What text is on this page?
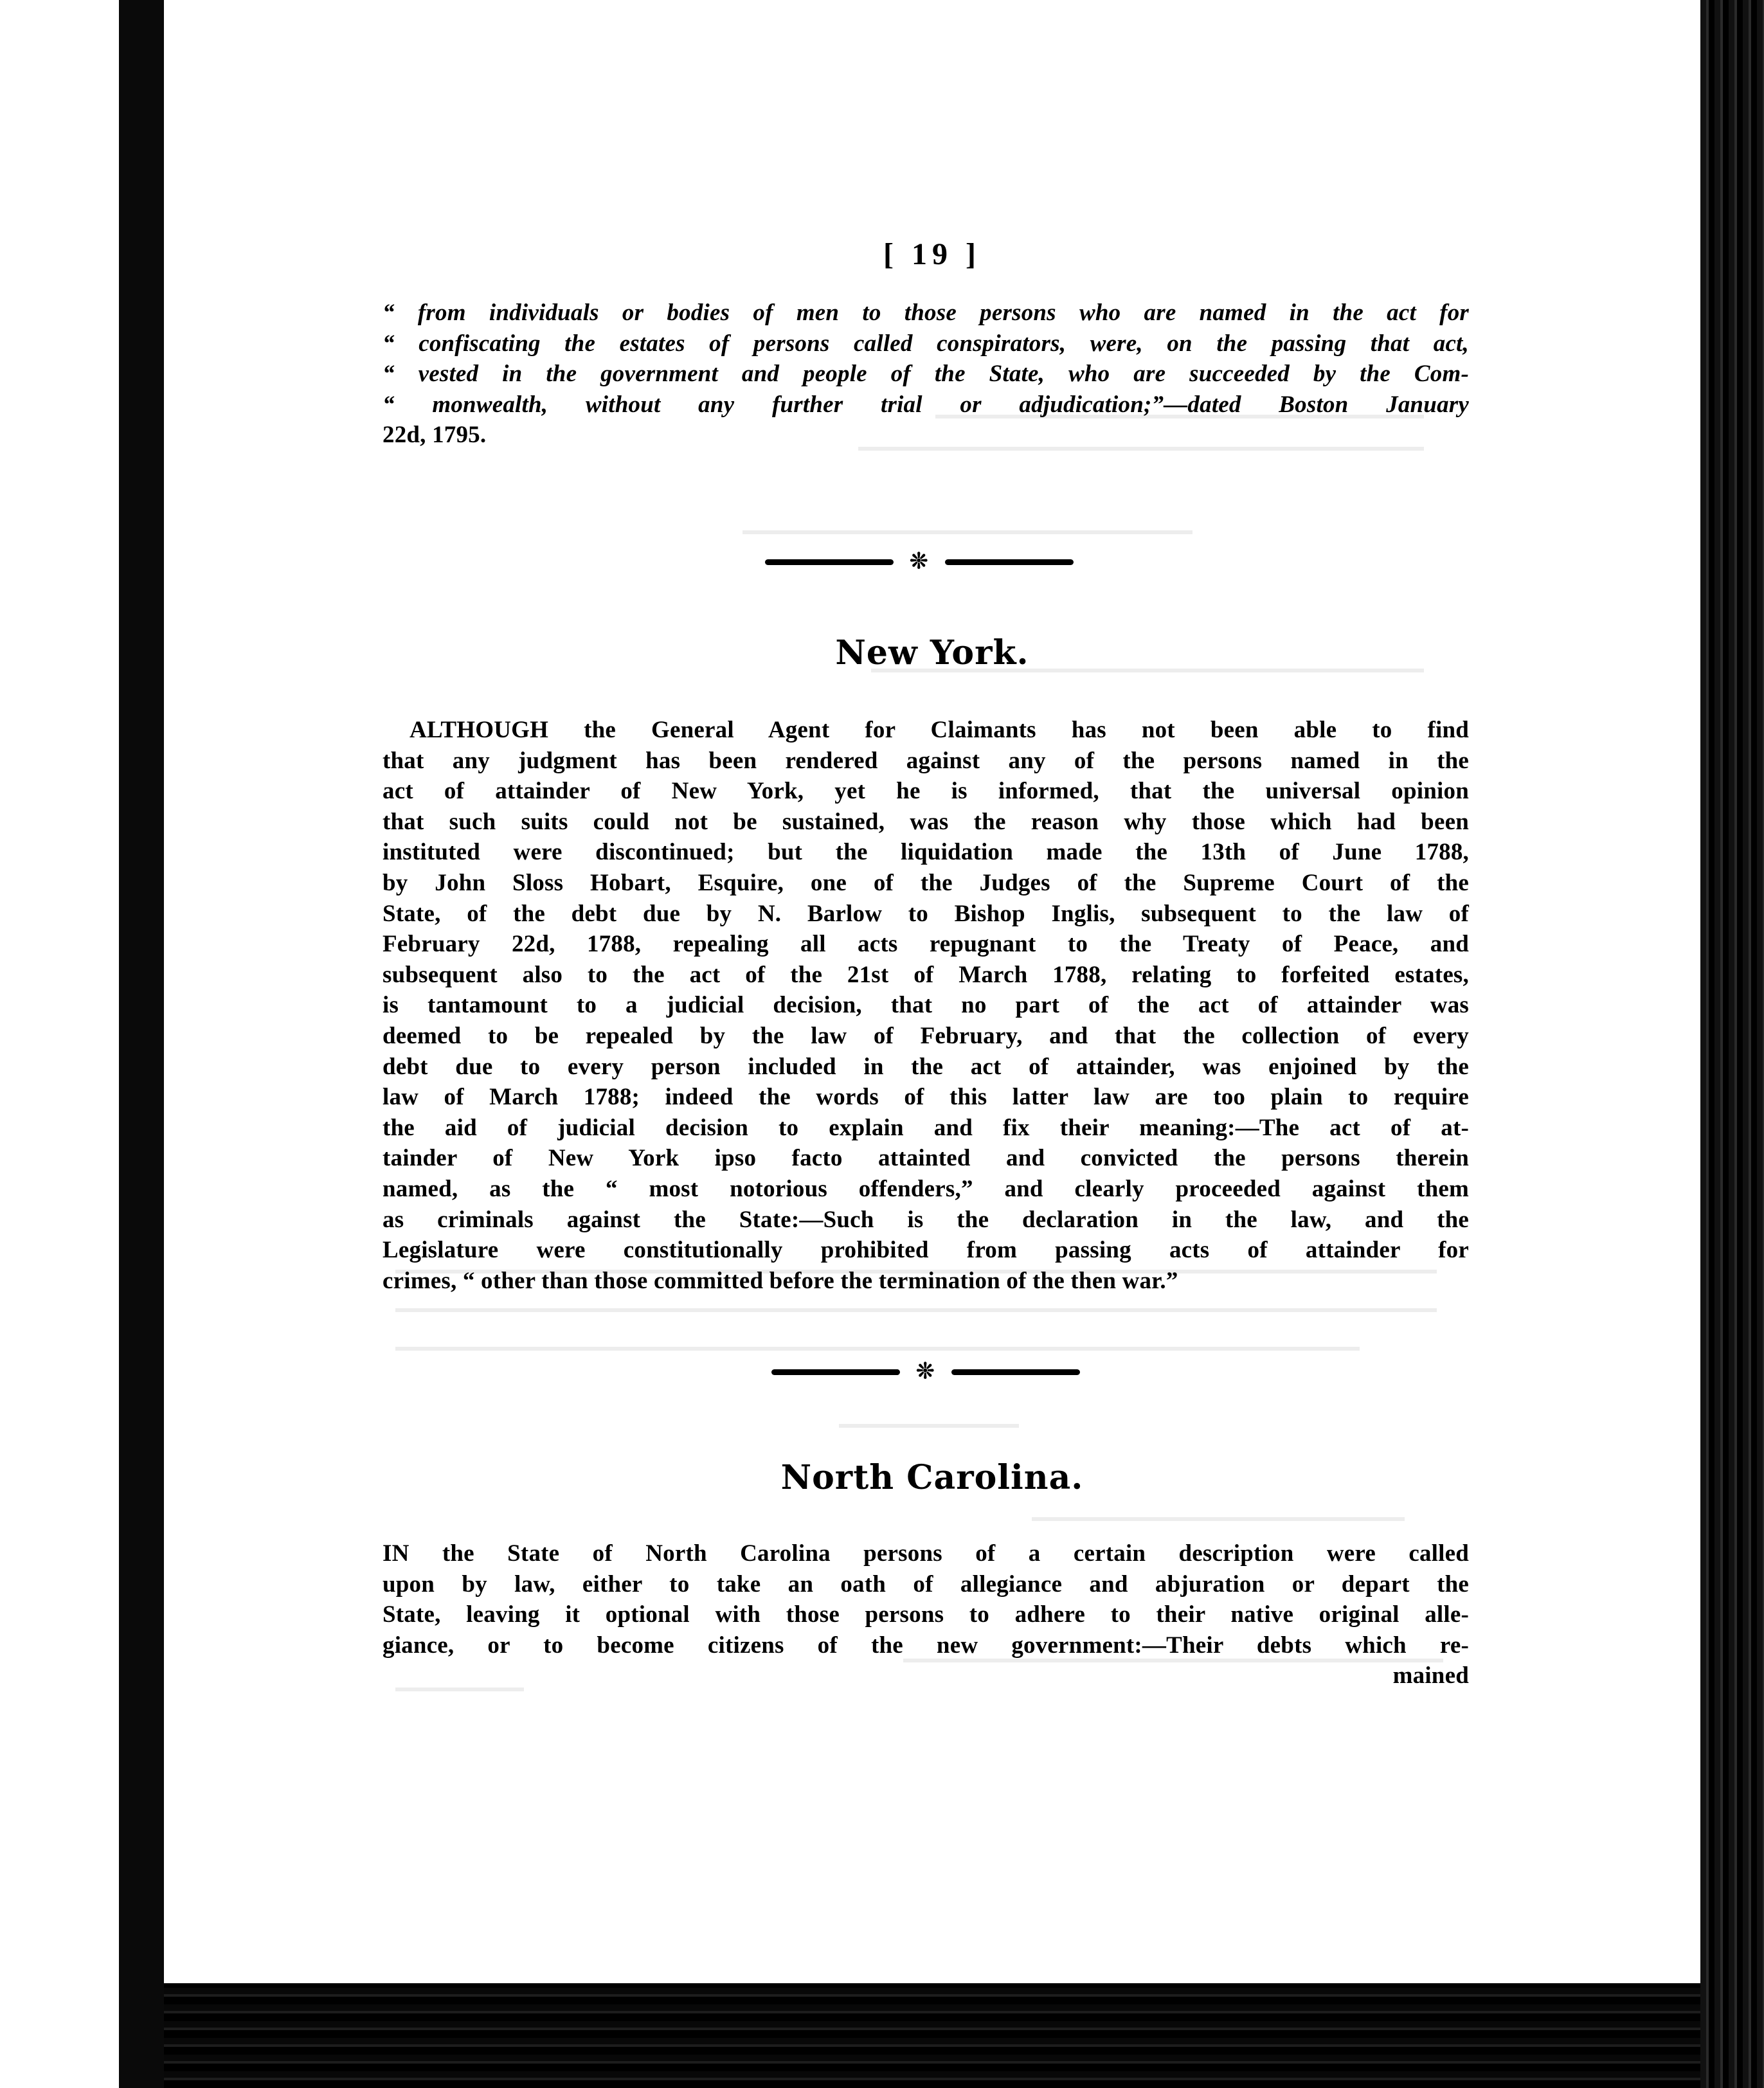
[ 19 ]
“ from individuals or bodies of men to those persons who are named in the act for
“ confiscating the estates of persons called conspirators, were, on the passing that act,
“ vested in the government and people of the State, who are succeeded by the Com-
“ monwealth, without any further trial or adjudication;”—dated Boston January
22d, 1795.
❊
New York.
ALTHOUGH the General Agent for Claimants has not been able to find
that any judgment has been rendered against any of the persons named in the
act of attainder of New York, yet he is informed, that the universal opinion
that such suits could not be sustained, was the reason why those which had been
instituted were discontinued; but the liquidation made the 13th of June 1788,
by John Sloss Hobart, Esquire, one of the Judges of the Supreme Court of the
State, of the debt due by N. Barlow to Bishop Inglis, subsequent to the law of
February 22d, 1788, repealing all acts repugnant to the Treaty of Peace, and
subsequent also to the act of the 21st of March 1788, relating to forfeited estates,
is tantamount to a judicial decision, that no part of the act of attainder was
deemed to be repealed by the law of February, and that the collection of every
debt due to every person included in the act of attainder, was enjoined by the
law of March 1788; indeed the words of this latter law are too plain to require
the aid of judicial decision to explain and fix their meaning:—The act of at-
tainder of New York ipso facto attainted and convicted the persons therein
named, as the “ most notorious offenders,” and clearly proceeded against them
as criminals against the State:—Such is the declaration in the law, and the
Legislature were constitutionally prohibited from passing acts of attainder for
crimes, “ other than those committed before the termination of the then war.”
❊
North Carolina.
IN the State of North Carolina persons of a certain description were called
upon by law, either to take an oath of allegiance and abjuration or depart the
State, leaving it optional with those persons to adhere to their native original alle-
giance, or to become citizens of the new government:—Their debts which re-
mained
